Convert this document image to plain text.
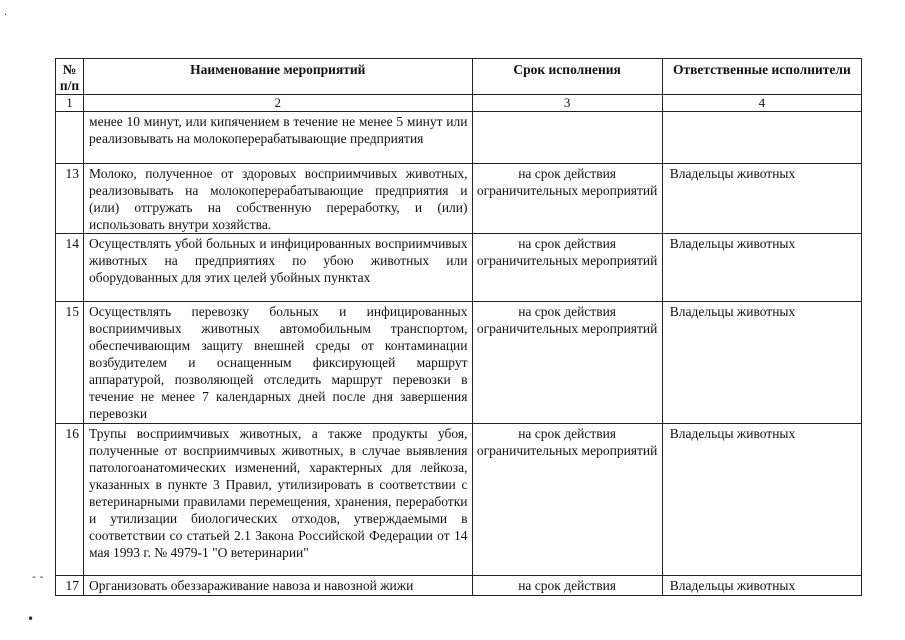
№ п/п	Наименование мероприятий	Срок исполнения	Ответственные исполнители
1	2	3	4
	менее 10 минут, или кипячением в течение не менее 5 минут или реализовывать на молокоперерабатывающие предприятия		
13	Молоко, полученное от здоровых восприимчивых животных, реализовывать на молокоперерабатывающие предприятия и (или) отгружать на собственную переработку, и (или) использовать внутри хозяйства.	на срок действия ограничительных мероприятий	Владельцы животных
14	Осуществлять убой больных и инфицированных восприимчивых животных на предприятиях по убою животных или оборудованных для этих целей убойных пунктах	на срок действия ограничительных мероприятий	Владельцы животных
15	Осуществлять перевозку больных и инфицированных восприимчивых животных автомобильным транспортом, обеспечивающим защиту внешней среды от контаминации возбудителем и оснащенным фиксирующей маршрут аппаратурой, позволяющей отследить маршрут перевозки в течение не менее 7 календарных дней после дня завершения перевозки	на срок действия ограничительных мероприятий	Владельцы животных
16	Трупы восприимчивых животных, а также продукты убоя, полученные от восприимчивых животных, в случае выявления патологоанатомических изменений, характерных для лейкоза, указанных в пункте 3 Правил, утилизировать в соответствии с ветеринарными правилами перемещения, хранения, переработки и утилизации биологических отходов, утверждаемыми в соответствии со статьей 2.1 Закона Российской Федерации от 14 мая 1993 г. № 4979-1 "О ветеринарии"	на срок действия ограничительных мероприятий	Владельцы животных
17	Организовать обеззараживание навоза и навозной жижи	на срок действия	Владельцы животных
·
- -
•
